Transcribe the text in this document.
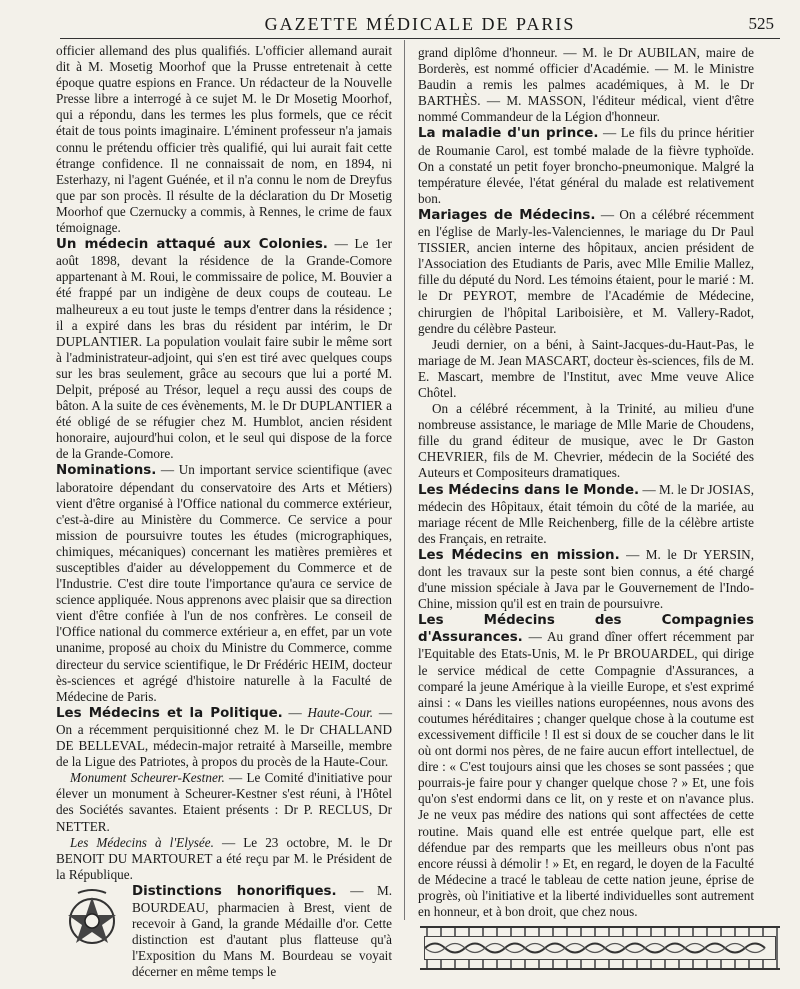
GAZETTE MÉDICALE DE PARIS	525

officier allemand des plus qualifiés. L'officier allemand aurait dit à M. Mosetig Moorhof que la Prusse entretenait à cette époque quatre espions en France. Un rédacteur de la Nouvelle Presse libre a interrogé à ce sujet M. le Dr Mosetig Moorhof, qui a répondu, dans les termes les plus formels, que ce récit était de tous points imaginaire. L'éminent professeur n'a jamais connu le prétendu officier très qualifié, qui lui aurait fait cette étrange confidence. Il ne connaissait de nom, en 1894, ni Esterhazy, ni l'agent Guénée, et il n'a connu le nom de Dreyfus que par son procès. Il résulte de la déclaration du Dr Mosetig Moorhof que Czernucky a commis, à Rennes, le crime de faux témoignage.

Un médecin attaqué aux Colonies. — Le 1er août 1898, devant la résidence de la Grande-Comore appartenant à M. Roui, le commissaire de police, M. Bouvier a été frappé par un indigène de deux coups de couteau. Le malheureux a eu tout juste le temps d'entrer dans la résidence ; il a expiré dans les bras du résident par intérim, le Dr DUPLANTIER. La population voulait faire subir le même sort à l'administrateur-adjoint, qui s'en est tiré avec quelques coups sur les bras seulement, grâce au secours que lui a porté M. Delpit, préposé au Trésor, lequel a reçu aussi des coups de bâton. A la suite de ces évènements, M. le Dr DUPLANTIER a été obligé de se réfugier chez M. Humblot, ancien résident honoraire, aujourd'hui colon, et le seul qui dispose de la force de la Grande-Comore.

Nominations. — Un important service scientifique (avec laboratoire dépendant du conservatoire des Arts et Métiers) vient d'être organisé à l'Office national du commerce extérieur, c'est-à-dire au Ministère du Commerce. Ce service a pour mission de poursuivre toutes les études (micrographiques, chimiques, mécaniques) concernant les matières premières et susceptibles d'aider au développement du Commerce et de l'Industrie. C'est dire toute l'importance qu'aura ce service de science appliquée. Nous apprenons avec plaisir que sa direction vient d'être confiée à l'un de nos confrères. Le conseil de l'Office national du commerce extérieur a, en effet, par un vote unanime, proposé au choix du Ministre du Commerce, comme directeur du service scientifique, le Dr Frédéric HEIM, docteur ès-sciences et agrégé d'histoire naturelle à la Faculté de Médecine de Paris.

Les Médecins et la Politique. — Haute-Cour. — On a récemment perquisitionné chez M. le Dr CHALLAND DE BELLEVAL, médecin-major retraité à Marseille, membre de la Ligue des Patriotes, à propos du procès de la Haute-Cour.

Monument Scheurer-Kestner. — Le Comité d'initiative pour élever un monument à Scheurer-Kestner s'est réuni, à l'Hôtel des Sociétés savantes. Etaient présents : Dr P. RECLUS, Dr NETTER.

Les Médecins à l'Elysée. — Le 23 octobre, M. le Dr BENOIT DU MARTOURET a été reçu par M. le Président de la République.

Distinctions honorifiques. — M. BOURDEAU, pharmacien à Brest, vient de recevoir à Gand, la grande Médaille d'or. Cette distinction est d'autant plus flatteuse qu'à l'Exposition du Mans M. Bourdeau se voyait décerner en même temps le

grand diplôme d'honneur. — M. le Dr AUBILAN, maire de Borderès, est nommé officier d'Académie. — M. le Ministre Baudin a remis les palmes académiques, à M. le Dr BARTHÈS. — M. MASSON, l'éditeur médical, vient d'être nommé Commandeur de la Légion d'honneur.

La maladie d'un prince. — Le fils du prince héritier de Roumanie Carol, est tombé malade de la fièvre typhoïde. On a constaté un petit foyer broncho-pneumonique. Malgré la température élevée, l'état général du malade est relativement bon.

Mariages de Médecins. — On a célébré récemment en l'église de Marly-les-Valenciennes, le mariage du Dr Paul TISSIER, ancien interne des hôpitaux, ancien président de l'Association des Etudiants de Paris, avec Mlle Emilie Mallez, fille du député du Nord. Les témoins étaient, pour le marié : M. le Dr PEYROT, membre de l'Académie de Médecine, chirurgien de l'hôpital Lariboisière, et M. Vallery-Radot, gendre du célèbre Pasteur.

Jeudi dernier, on a béni, à Saint-Jacques-du-Haut-Pas, le mariage de M. Jean MASCART, docteur ès-sciences, fils de M. E. Mascart, membre de l'Institut, avec Mme veuve Alice Chôtel.

On a célébré récemment, à la Trinité, au milieu d'une nombreuse assistance, le mariage de Mlle Marie de Choudens, fille du grand éditeur de musique, avec le Dr Gaston CHEVRIER, fils de M. Chevrier, médecin de la Société des Auteurs et Compositeurs dramatiques.

Les Médecins dans le Monde. — M. le Dr JOSIAS, médecin des Hôpitaux, était témoin du côté de la mariée, au mariage récent de Mlle Reichenberg, fille de la célèbre artiste des Français, en retraite.

Les Médecins en mission. — M. le Dr YERSIN, dont les travaux sur la peste sont bien connus, a été chargé d'une mission spéciale à Java par le Gouvernement de l'Indo-Chine, mission qu'il est en train de poursuivre.

Les Médecins des Compagnies d'Assurances. — Au grand dîner offert récemment par l'Equitable des Etats-Unis, M. le Pr BROUARDEL, qui dirige le service médical de cette Compagnie d'Assurances, a comparé la jeune Amérique à la vieille Europe, et s'est exprimé ainsi : « Dans les vieilles nations européennes, nous avons des coutumes héréditaires ; changer quelque chose à la coutume est excessivement difficile ! Il est si doux de se coucher dans le lit où ont dormi nos pères, de ne faire aucun effort intellectuel, de dire : « C'est toujours ainsi que les choses se sont passées ; que pourrais-je faire pour y changer quelque chose ? » Et, une fois qu'on s'est endormi dans ce lit, on y reste et on n'avance plus. Je ne veux pas médire des nations qui sont affectées de cette routine. Mais quand elle est entrée quelque part, elle est défendue par des remparts que les meilleurs obus n'ont pas encore réussi à démolir ! » Et, en regard, le doyen de la Faculté de Médecine a tracé le tableau de cette nation jeune, éprise de progrès, où l'initiative et la liberté individuelles sont autrement en honneur, et à bon droit, que chez nous.
